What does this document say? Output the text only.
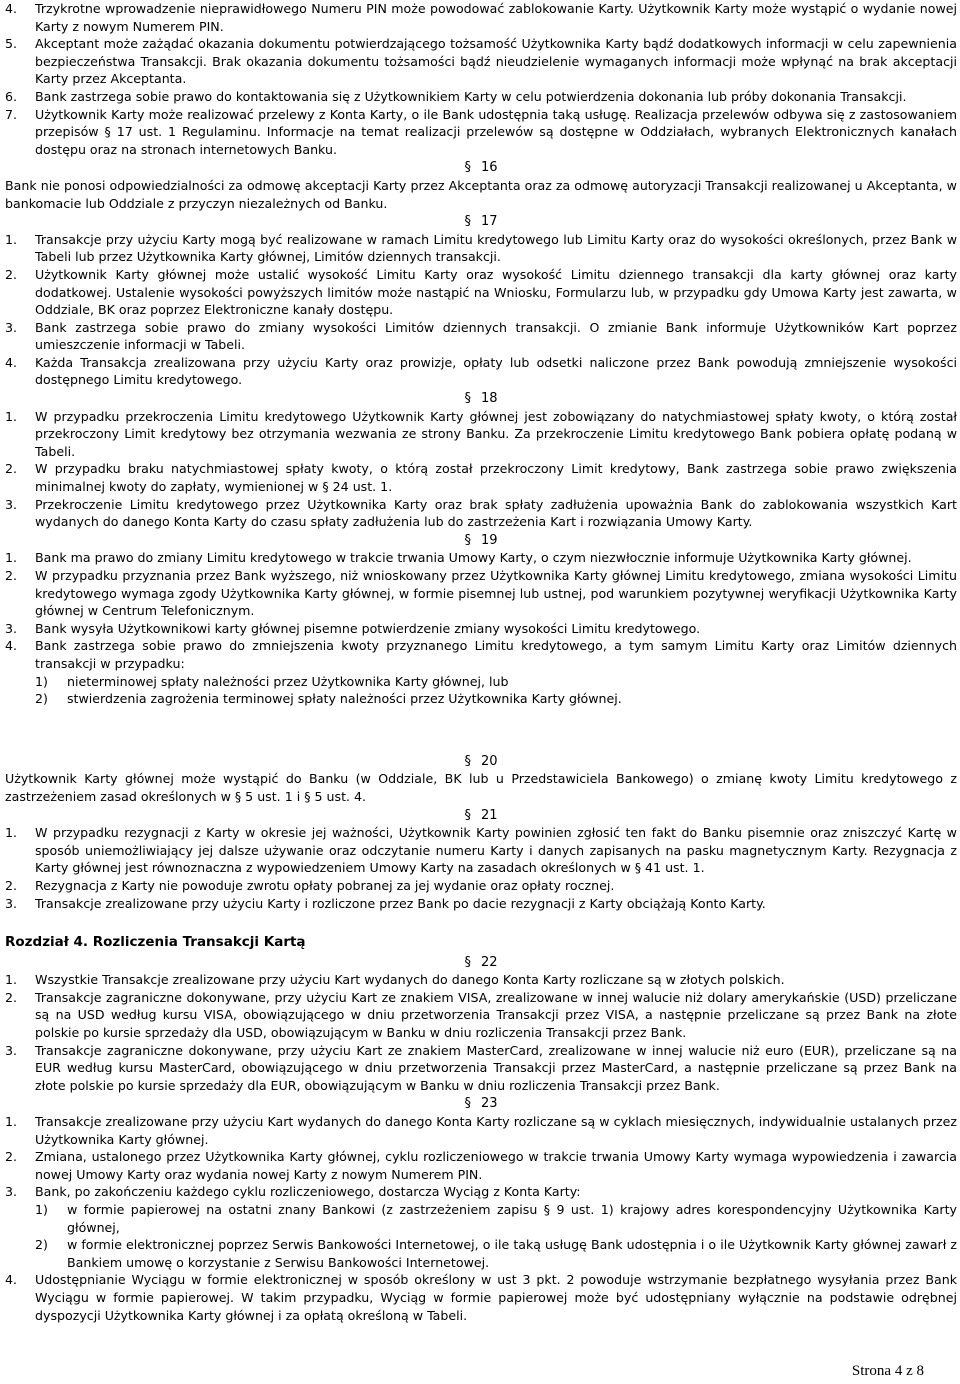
4.	Trzykrotne wprowadzenie nieprawidłowego Numeru PIN może powodować zablokowanie Karty. Użytkownik Karty może wystąpić o wydanie nowej Karty z nowym Numerem PIN.
5.	Akceptant może zażądać okazania dokumentu potwierdzającego tożsamość Użytkownika Karty bądź dodatkowych informacji w celu zapewnienia bezpieczeństwa Transakcji. Brak okazania dokumentu tożsamości bądź nieudzielenie wymaganych informacji może wpłynąć na brak akceptacji Karty przez Akceptanta.
6.	Bank zastrzega sobie prawo do kontaktowania się z Użytkownikiem Karty w celu potwierdzenia dokonania lub próby dokonania Transakcji.
7.	Użytkownik Karty może realizować przelewy z Konta Karty, o ile Bank udostępnia taką usługę. Realizacja przelewów odbywa się z zastosowaniem przepisów § 17 ust. 1 Regulaminu. Informacje na temat realizacji przelewów są dostępne w Oddziałach, wybranych Elektronicznych kanałach dostępu oraz na stronach internetowych Banku.
§ 16
Bank nie ponosi odpowiedzialności za odmowę akceptacji Karty przez Akceptanta oraz za odmowę autoryzacji Transakcji realizowanej u Akceptanta, w bankomacie lub Oddziale z przyczyn niezależnych od Banku.
§ 17
1.	Transakcje przy użyciu Karty mogą być realizowane w ramach Limitu kredytowego lub Limitu Karty oraz do wysokości określonych, przez Bank w Tabeli lub przez Użytkownika Karty głównej, Limitów dziennych transakcji.
2.	Użytkownik Karty głównej może ustalić wysokość Limitu Karty oraz wysokość Limitu dziennego transakcji dla karty głównej oraz karty dodatkowej. Ustalenie wysokości powyższych limitów może nastąpić na Wniosku, Formularzu lub, w przypadku gdy Umowa Karty jest zawarta, w Oddziale, BK oraz poprzez Elektroniczne kanały dostępu.
3.	Bank zastrzega sobie prawo do zmiany wysokości Limitów dziennych transakcji. O zmianie Bank informuje Użytkowników Kart poprzez umieszczenie informacji w Tabeli.
4.	Każda Transakcja zrealizowana przy użyciu Karty oraz prowizje, opłaty lub odsetki naliczone przez Bank powodują zmniejszenie wysokości dostępnego Limitu kredytowego.
§ 18
1.	W przypadku przekroczenia Limitu kredytowego Użytkownik Karty głównej jest zobowiązany do natychmiastowej spłaty kwoty, o którą został przekroczony Limit kredytowy bez otrzymania wezwania ze strony Banku. Za przekroczenie Limitu kredytowego Bank pobiera opłatę podaną w Tabeli.
2.	W przypadku braku natychmiastowej spłaty kwoty, o którą został przekroczony Limit kredytowy, Bank zastrzega sobie prawo zwiększenia minimalnej kwoty do zapłaty, wymienionej w § 24 ust. 1.
3.	Przekroczenie Limitu kredytowego przez Użytkownika Karty oraz brak spłaty zadłużenia upoważnia Bank do zablokowania wszystkich Kart wydanych do danego Konta Karty do czasu spłaty zadłużenia lub do zastrzeżenia Kart i rozwiązania Umowy Karty.
§ 19
1.	Bank ma prawo do zmiany Limitu kredytowego w trakcie trwania Umowy Karty, o czym niezwłocznie informuje Użytkownika Karty głównej.
2.	W przypadku przyznania przez Bank wyższego, niż wnioskowany przez Użytkownika Karty głównej Limitu kredytowego, zmiana wysokości Limitu kredytowego wymaga zgody Użytkownika Karty głównej, w formie pisemnej lub ustnej, pod warunkiem pozytywnej weryfikacji Użytkownika Karty głównej w Centrum Telefonicznym.
3.	Bank wysyła Użytkownikowi karty głównej pisemne potwierdzenie zmiany wysokości Limitu kredytowego.
4.	Bank zastrzega sobie prawo do zmniejszenia kwoty przyznanego Limitu kredytowego, a tym samym Limitu Karty oraz Limitów dziennych transakcji w przypadku:
1)	nieterminowej spłaty należności przez Użytkownika Karty głównej, lub
2)	stwierdzenia zagrożenia terminowej spłaty należności przez Użytkownika Karty głównej.
§ 20
Użytkownik Karty głównej może wystąpić do Banku (w Oddziale, BK lub u Przedstawiciela Bankowego) o zmianę kwoty Limitu kredytowego z zastrzeżeniem zasad określonych w § 5 ust. 1 i § 5 ust. 4.
§ 21
1.	W przypadku rezygnacji z Karty w okresie jej ważności, Użytkownik Karty powinien zgłosić ten fakt do Banku pisemnie oraz zniszczyć Kartę w sposób uniemożliwiający jej dalsze używanie oraz odczytanie numeru Karty i danych zapisanych na pasku magnetycznym Karty. Rezygnacja z Karty głównej jest równoznaczna z wypowiedzeniem Umowy Karty na zasadach określonych w § 41 ust. 1.
2.	Rezygnacja z Karty nie powoduje zwrotu opłaty pobranej za jej wydanie oraz opłaty rocznej.
3.	Transakcje zrealizowane przy użyciu Karty i rozliczone przez Bank po dacie rezygnacji z Karty obciążają Konto Karty.
Rozdział 4. Rozliczenia Transakcji Kartą
§ 22
1.	Wszystkie Transakcje zrealizowane przy użyciu Kart wydanych do danego Konta Karty rozliczane są w złotych polskich.
2.	Transakcje zagraniczne dokonywane, przy użyciu Kart ze znakiem VISA, zrealizowane w innej walucie niż dolary amerykańskie (USD) przeliczane są na USD według kursu VISA, obowiązującego w dniu przetworzenia Transakcji przez VISA, a następnie przeliczane są przez Bank na złote polskie po kursie sprzedaży dla USD, obowiązującym w Banku w dniu rozliczenia Transakcji przez Bank.
3.	Transakcje zagraniczne dokonywane, przy użyciu Kart ze znakiem MasterCard, zrealizowane w innej walucie niż euro (EUR), przeliczane są na EUR według kursu MasterCard, obowiązującego w dniu przetworzenia Transakcji przez MasterCard, a następnie przeliczane są przez Bank na złote polskie po kursie sprzedaży dla EUR, obowiązującym w Banku w dniu rozliczenia Transakcji przez Bank.
§ 23
1.	Transakcje zrealizowane przy użyciu Kart wydanych do danego Konta Karty rozliczane są w cyklach miesięcznych, indywidualnie ustalanych przez Użytkownika Karty głównej.
2.	Zmiana, ustalonego przez Użytkownika Karty głównej, cyklu rozliczeniowego w trakcie trwania Umowy Karty wymaga wypowiedzenia i zawarcia nowej Umowy Karty oraz wydania nowej Karty z nowym Numerem PIN.
3.	Bank, po zakończeniu każdego cyklu rozliczeniowego, dostarcza Wyciąg z Konta Karty:
1)	w formie papierowej na ostatni znany Bankowi (z zastrzeżeniem zapisu § 9 ust. 1) krajowy adres korespondencyjny Użytkownika Karty głównej,
2)	w formie elektronicznej poprzez Serwis Bankowości Internetowej, o ile taką usługę Bank udostępnia i o ile Użytkownik Karty głównej zawarł z Bankiem umowę o korzystanie z Serwisu Bankowości Internetowej.
4.	Udostępnianie Wyciągu w formie elektronicznej w sposób określony w ust 3 pkt. 2 powoduje wstrzymanie bezpłatnego wysyłania przez Bank Wyciągu w formie papierowej. W takim przypadku, Wyciąg w formie papierowej może być udostępniany wyłącznie na podstawie odrębnej dyspozycji Użytkownika Karty głównej i za opłatą określoną w Tabeli.
Strona 4 z 8
